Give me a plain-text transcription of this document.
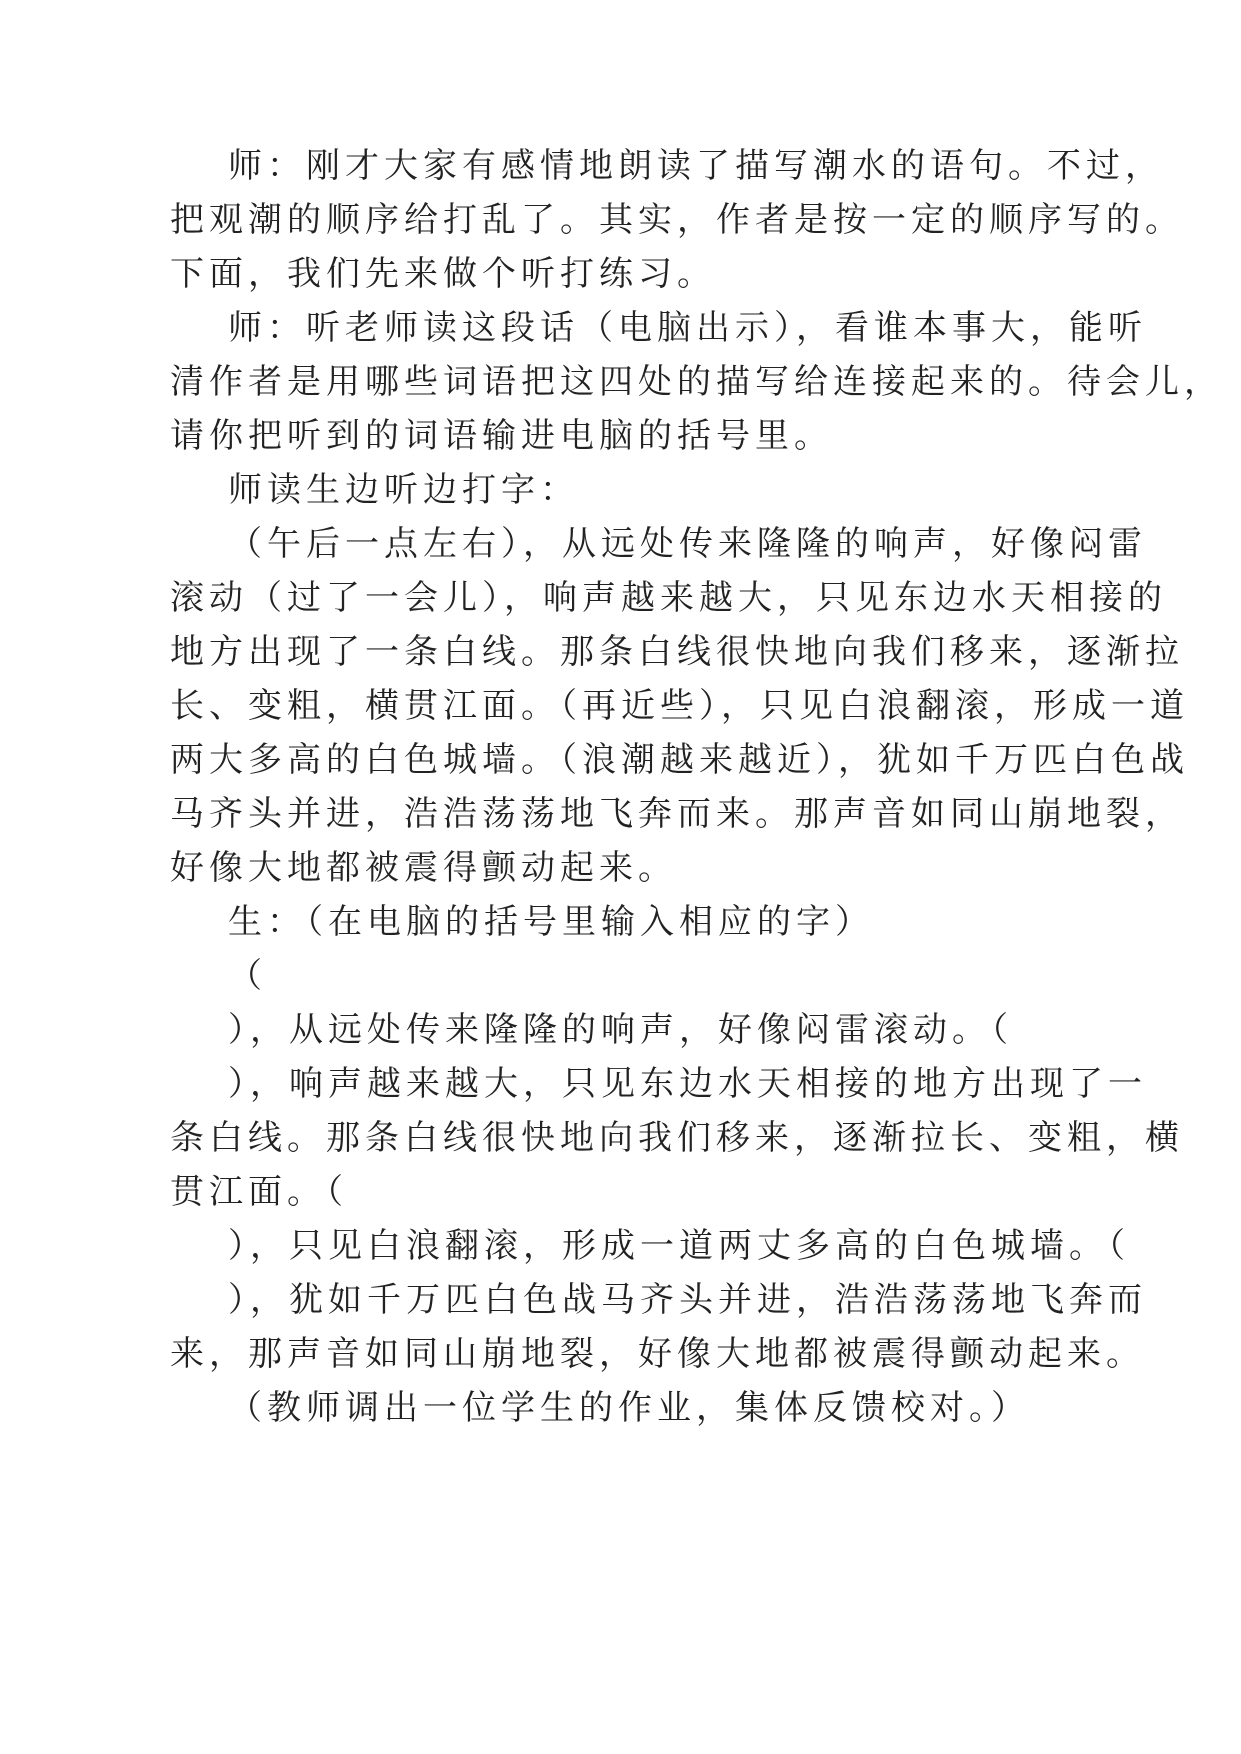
师：刚才大家有感情地朗读了描写潮水的语句。不过，
把观潮的顺序给打乱了。其实，作者是按一定的顺序写的。
下面，我们先来做个听打练习。
师：听老师读这段话（电脑出示），看谁本事大，能听
清作者是用哪些词语把这四处的描写给连接起来的。待会儿，
请你把听到的词语输进电脑的括号里。
师读生边听边打字：
（午后一点左右），从远处传来隆隆的响声，好像闷雷
滚动（过了一会儿），响声越来越大，只见东边水天相接的
地方出现了一条白线。那条白线很快地向我们移来，逐渐拉
长、变粗，横贯江面。（再近些），只见白浪翻滚，形成一道
两大多高的白色城墙。（浪潮越来越近），犹如千万匹白色战
马齐头并进，浩浩荡荡地飞奔而来。那声音如同山崩地裂，
好像大地都被震得颤动起来。
生：（在电脑的括号里输入相应的字）
（
），从远处传来隆隆的响声，好像闷雷滚动。（
），响声越来越大，只见东边水天相接的地方出现了一
条白线。那条白线很快地向我们移来，逐渐拉长、变粗，横
贯江面。（
），只见白浪翻滚，形成一道两丈多高的白色城墙。（
），犹如千万匹白色战马齐头并进，浩浩荡荡地飞奔而
来，那声音如同山崩地裂，好像大地都被震得颤动起来。
（教师调出一位学生的作业，集体反馈校对。）
